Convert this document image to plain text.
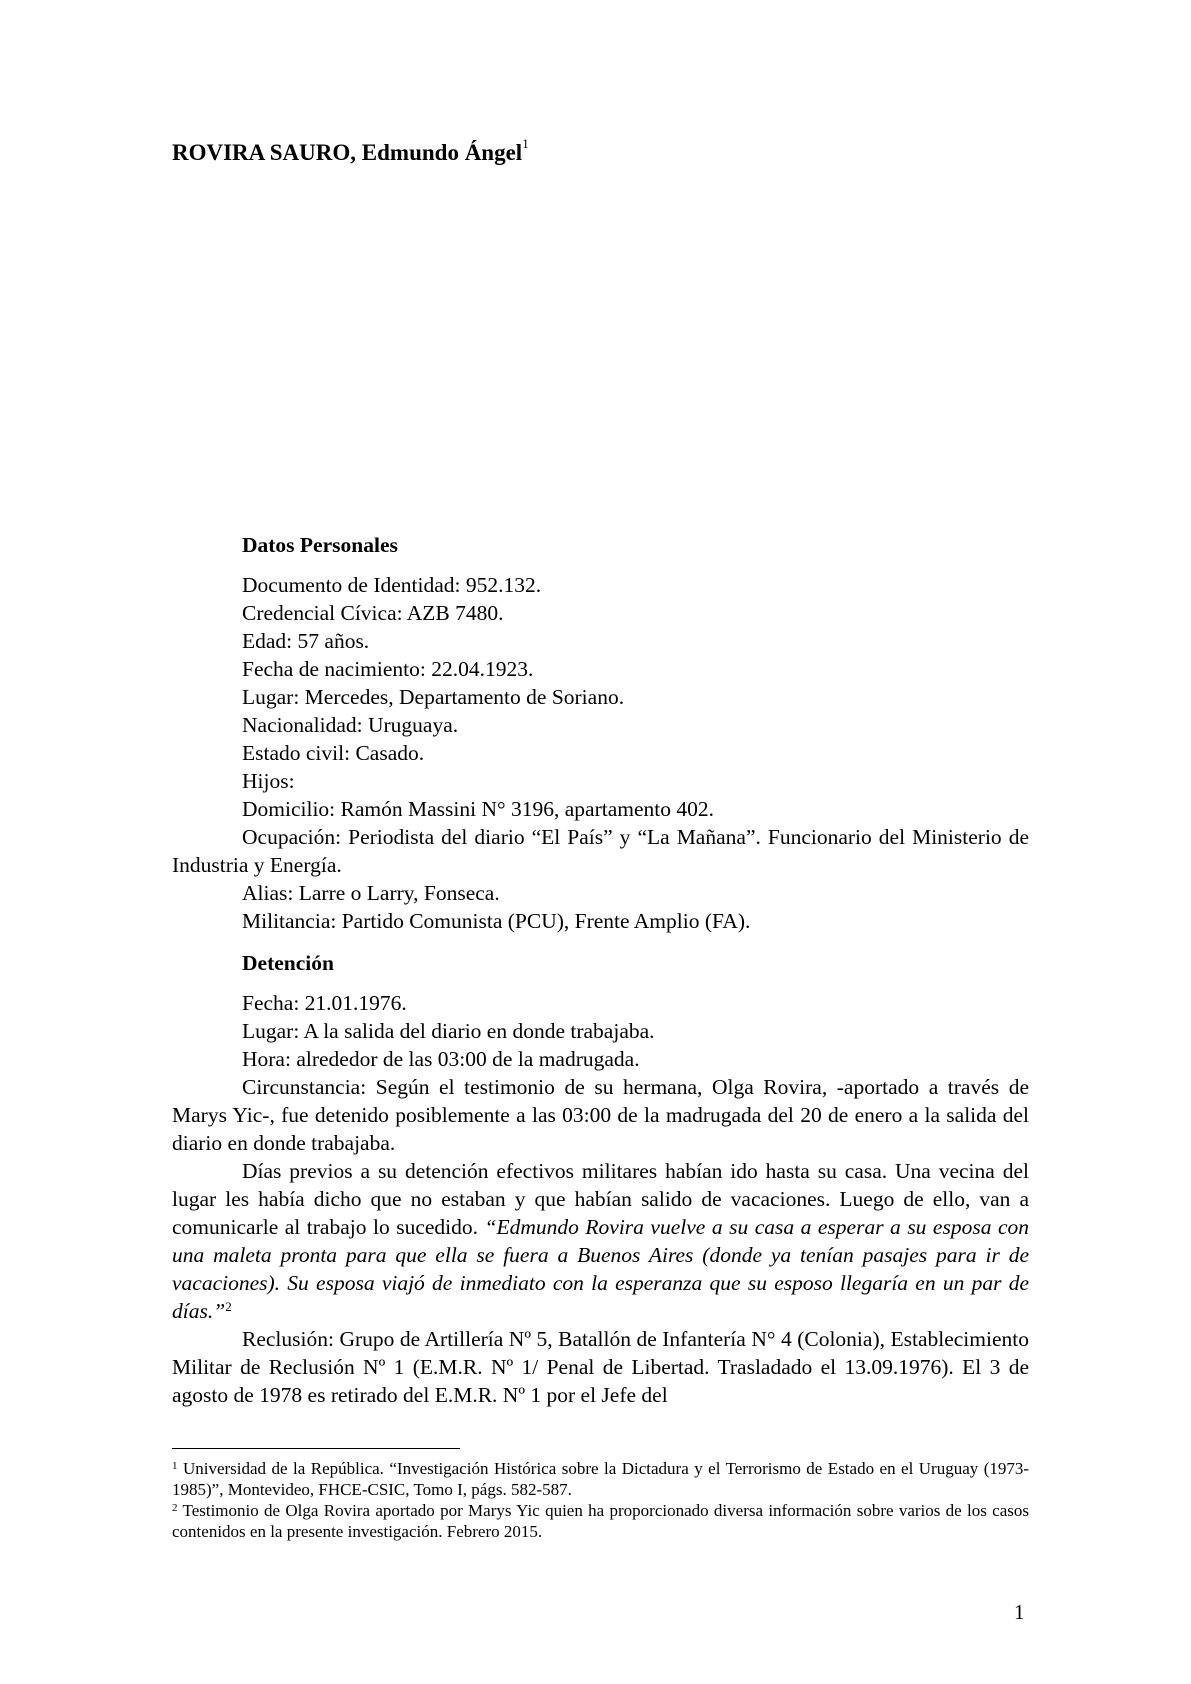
ROVIRA SAURO, Edmundo Ángel$^1$
Datos Personales
Documento de Identidad: 952.132.
Credencial Cívica: AZB 7480.
Edad: 57 años.
Fecha de nacimiento: 22.04.1923.
Lugar: Mercedes, Departamento de Soriano.
Nacionalidad: Uruguaya.
Estado civil: Casado.
Hijos:
Domicilio: Ramón Massini N° 3196, apartamento 402.
Ocupación: Periodista del diario “El País” y “La Mañana”. Funcionario del Ministerio de Industria y Energía.
Alias: Larre o Larry, Fonseca.
Militancia: Partido Comunista (PCU), Frente Amplio (FA).
Detención
Fecha: 21.01.1976.
Lugar: A la salida del diario en donde trabajaba.
Hora: alrededor de las 03:00 de la madrugada.
Circunstancia: Según el testimonio de su hermana, Olga Rovira, -aportado a través de Marys Yic-, fue detenido posiblemente a las 03:00 de la madrugada del 20 de enero a la salida del diario en donde trabajaba.
Días previos a su detención efectivos militares habían ido hasta su casa. Una vecina del lugar les había dicho que no estaban y que habían salido de vacaciones. Luego de ello, van a comunicarle al trabajo lo sucedido. “Edmundo Rovira vuelve a su casa a esperar a su esposa con una maleta pronta para que ella se fuera a Buenos Aires (donde ya tenían pasajes para ir de vacaciones). Su esposa viajó de inmediato con la esperanza que su esposo llegaría en un par de días.”$^2$
Reclusión: Grupo de Artillería Nº 5, Batallón de Infantería N° 4 (Colonia), Establecimiento Militar de Reclusión Nº 1 (E.M.R. Nº 1/ Penal de Libertad. Trasladado el 13.09.1976). El 3 de agosto de 1978 es retirado del E.M.R. Nº 1 por el Jefe del
$^1$ Universidad de la República. “Investigación Histórica sobre la Dictadura y el Terrorismo de Estado en el Uruguay (1973-1985)”, Montevideo, FHCE-CSIC, Tomo I, págs. 582-587.
$^2$ Testimonio de Olga Rovira aportado por Marys Yic quien ha proporcionado diversa información sobre varios de los casos contenidos en la presente investigación. Febrero 2015.
1
